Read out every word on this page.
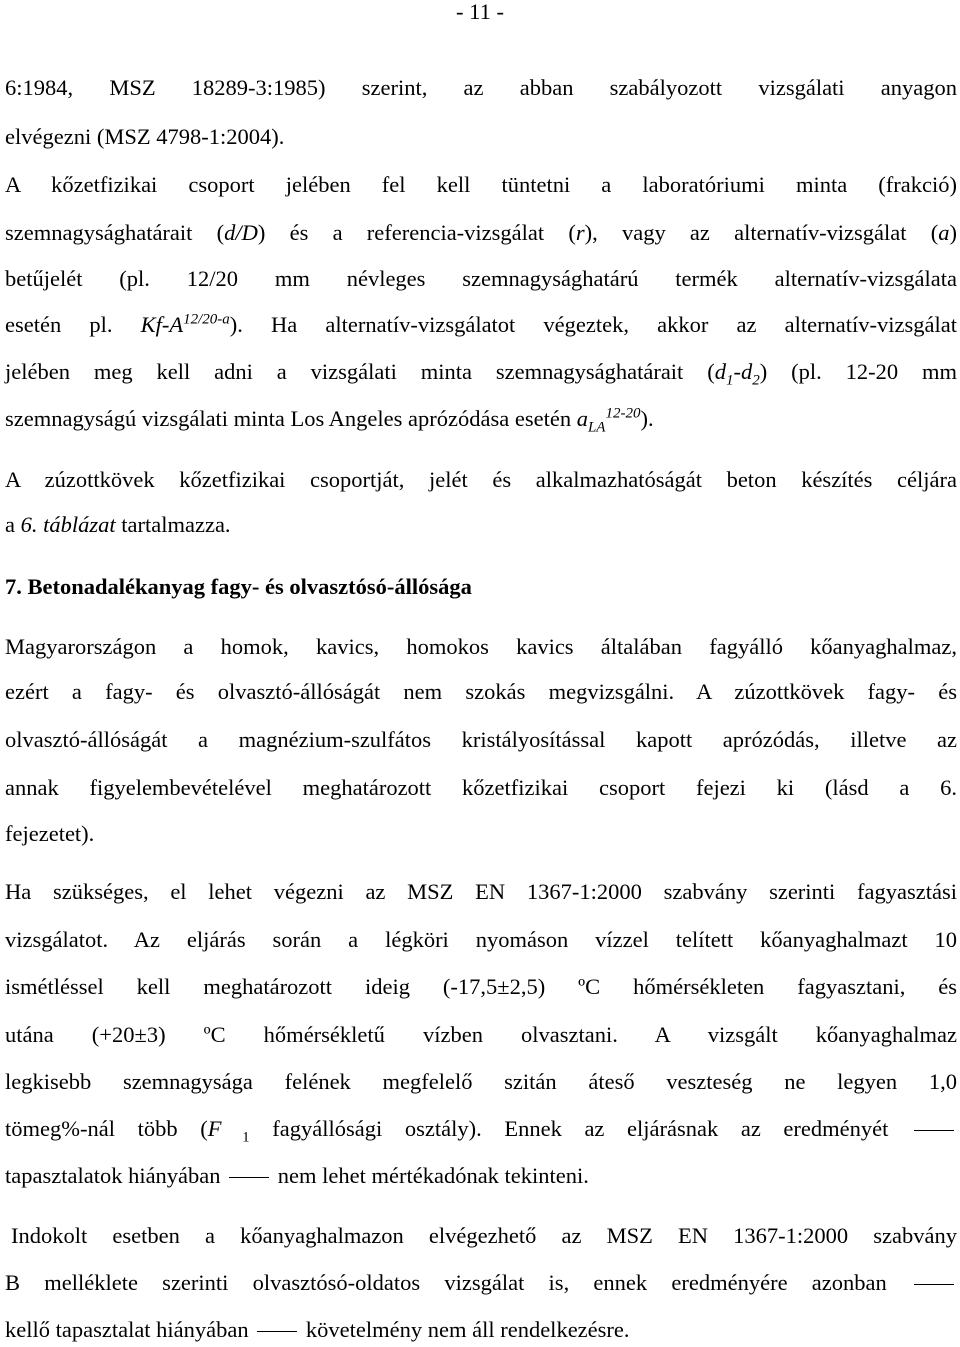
- 11 -
6:1984, MSZ 18289-3:1985) szerint, az abban szabályozott vizsgálati anyagon
elvégezni (MSZ 4798-1:2004).
A kőzetfizikai csoport jelében fel kell tüntetni a laboratóriumi minta (frakció)
szemnagysághatárait (d/D) és a referencia-vizsgálat (r), vagy az alternatív-vizsgálat (a)
betűjelét (pl. 12/20 mm névleges szemnagysághatárú termék alternatív-vizsgálata
esetén pl. $Kf-A^{12/20-a}$). Ha alternatív-vizsgálatot végeztek, akkor az alternatív-vizsgálat
jelében meg kell adni a vizsgálati minta szemnagysághatárait $(d_1-d_2)$ (pl. 12-20 mm
szemnagyságú vizsgálati minta Los Angeles aprózódása esetén $a_{LA}^{12-20}$).
A zúzottkövek kőzetfizikai csoportját, jelét és alkalmazhatóságát beton készítés céljára
a 6. táblázat tartalmazza.
7. Betonadalékanyag fagy- és olvasztósó-állósága
Magyarországon a homok, kavics, homokos kavics általában fagyálló kőanyaghalmaz,
ezért a fagy- és olvasztó-állóságát nem szokás megvizsgálni. A zúzottkövek fagy- és
olvasztó-állóságát a magnézium-szulfátos kristályosítással kapott aprózódás, illetve az
annak figyelembevételével meghatározott kőzetfizikai csoport fejezi ki (lásd a 6.
fejezetet).
Ha szükséges, el lehet végezni az MSZ EN 1367-1:2000 szabvány szerinti fagyasztási
vizsgálatot. Az eljárás során a légköri nyomáson vízzel telített kőanyaghalmazt 10
ismétléssel kell meghatározott ideig (-17,5±2,5) ºC hőmérsékleten fagyasztani, és
utána (+20±3) ºC hőmérsékletű vízben olvasztani. A vizsgált kőanyaghalmaz
legkisebb szemnagysága felének megfelelő szitán áteső veszteség ne legyen 1,0
tömeg%-nál több (F $_1$ fagyállósági osztály). Ennek az eljárásnak az eredményét
tapasztalatok hiányában	nem lehet mértékadónak tekinteni.
Indokolt esetben a kőanyaghalmazon elvégezhető az MSZ EN 1367-1:2000 szabvány
B melléklete szerinti olvasztósó-oldatos vizsgálat is, ennek eredményére azonban
kellő tapasztalat hiányában	követelmény nem áll rendelkezésre.
